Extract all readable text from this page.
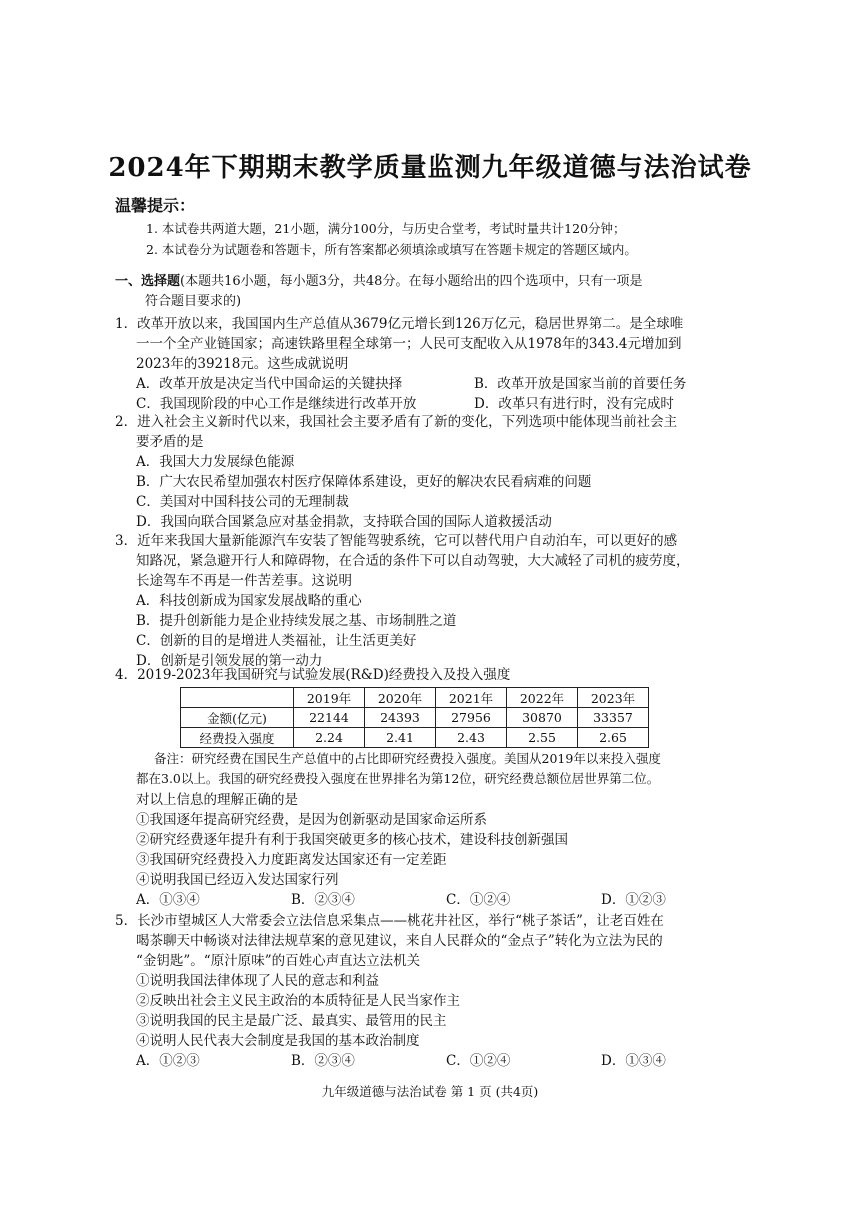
2024年下期期末教学质量监测九年级道德与法治试卷
温馨提示：
1. 本试卷共两道大题，21小题，满分100分，与历史合堂考，考试时量共计120分钟；
2. 本试卷分为试题卷和答题卡，所有答案都必须填涂或填写在答题卡规定的答题区域内。
一、选择题(本题共16小题，每小题3分，共48分。在每小题给出的四个选项中，只有一项是
符合题目要求的)
1．改革开放以来，我国国内生产总值从3679亿元增长到126万亿元，稳居世界第二。是全球唯
一一个全产业链国家；高速铁路里程全球第一；人民可支配收入从1978年的343.4元增加到
2023年的39218元。这些成就说明
A．改革开放是决定当代中国命运的关键抉择	B．改革开放是国家当前的首要任务
C．我国现阶段的中心工作是继续进行改革开放	D．改革只有进行时，没有完成时
2．进入社会主义新时代以来，我国社会主要矛盾有了新的变化，下列选项中能体现当前社会主
要矛盾的是
A．我国大力发展绿色能源
B．广大农民希望加强农村医疗保障体系建设，更好的解决农民看病难的问题
C．美国对中国科技公司的无理制裁
D．我国向联合国紧急应对基金捐款，支持联合国的国际人道救援活动
3．近年来我国大量新能源汽车安装了智能驾驶系统，它可以替代用户自动泊车，可以更好的感
知路况，紧急避开行人和障碍物，在合适的条件下可以自动驾驶，大大减轻了司机的疲劳度，
长途驾车不再是一件苦差事。这说明
A．科技创新成为国家发展战略的重心
B．提升创新能力是企业持续发展之基、市场制胜之道
C．创新的目的是增进人类福祉，让生活更美好
D．创新是引领发展的第一动力
4．2019-2023年我国研究与试验发展(R&D)经费投入及投入强度
	2019年	2020年	2021年	2022年	2023年
金额(亿元)	22144	24393	27956	30870	33357
经费投入强度	2.24	2.41	2.43	2.55	2.65
备注：研究经费在国民生产总值中的占比即研究经费投入强度。美国从2019年以来投入强度
都在3.0以上。我国的研究经费投入强度在世界排名为第12位，研究经费总额位居世界第二位。
对以上信息的理解正确的是
①我国逐年提高研究经费，是因为创新驱动是国家命运所系
②研究经费逐年提升有利于我国突破更多的核心技术，建设科技创新强国
③我国研究经费投入力度距离发达国家还有一定差距
④说明我国已经迈入发达国家行列
A．①③④	B．②③④	C．①②④	D．①②③
5．长沙市望城区人大常委会立法信息采集点——桃花井社区，举行“桃子茶话”，让老百姓在
喝茶聊天中畅谈对法律法规草案的意见建议，来自人民群众的“金点子”转化为立法为民的
“金钥匙”。“原汁原味”的百姓心声直达立法机关
①说明我国法律体现了人民的意志和利益
②反映出社会主义民主政治的本质特征是人民当家作主
③说明我国的民主是最广泛、最真实、最管用的民主
④说明人民代表大会制度是我国的基本政治制度
A．①②③	B．②③④	C．①②④	D．①③④
九年级道德与法治试卷 第 1 页 (共4页)
